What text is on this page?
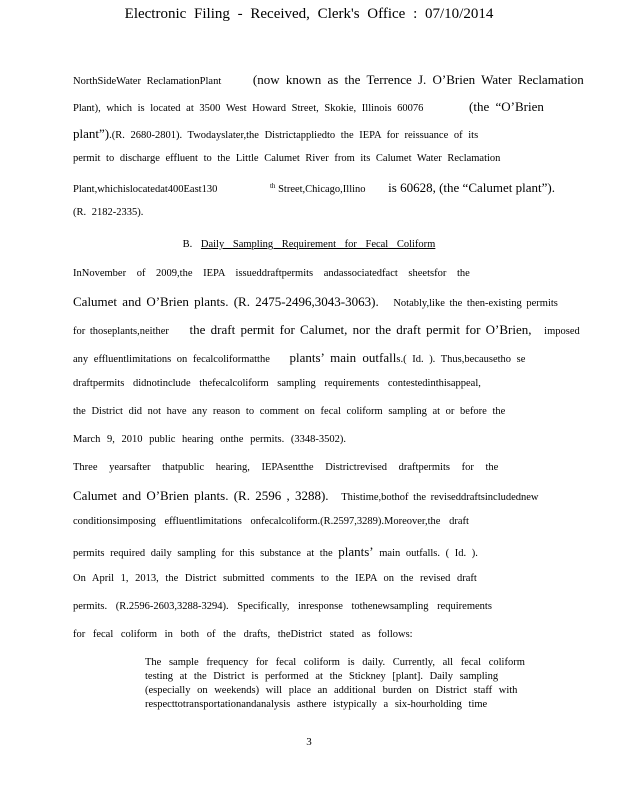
Electronic Filing - Received, Clerk's Office : 07/10/2014
NorthSideWater ReclamationPlant (now known as the Terrence J. O’Brien Water Reclamation
Plant), which is located at 3500 West Howard Street, Skokie, Illinois 60076	(the “O’Brien
plant”).(R. 2680-2801). Twodayslater,the Districtappliedto the IEPA for reissuance of its
permit to discharge effluent to the Little Calumet River from its Calumet Water Reclamation
Plant,whichislocatedat400East130	$^{th}$ Street,Chicago,Illino is 60628, (the “Calumet plant”).
(R. 2182-2335).
B. Daily Sampling Requirement for Fecal Coliform
InNovember of 2009,the IEPA issueddraftpermits andassociatedfact sheetsfor the
Calumet and O’Brien plants. (R. 2475-2496,3043-3063). Notably,like the then-existing permits
for thoseplants,neither the draft permit for Calumet, nor the draft permit for O’Brien, imposed
any effluentlimitations on fecalcoliformatthe plants’ main outfalls.( Id. ). Thus,becausetho se
draftpermits didnotinclude thefecalcoliform sampling requirements contestedinthisappeal,
the District did not have any reason to comment on fecal coliform sampling at or before the
March 9, 2010 public hearing onthe permits. (3348-3502).
Three yearsafter thatpublic hearing, IEPAsentthe Districtrevised draftpermits for the
Calumet and O’Brien plants. (R. 2596 , 3288). Thistime,bothof the reviseddraftsincludednew
conditionsimposing effluentlimitations onfecalcoliform.(R.2597,3289).Moreover,the draft
permits required daily sampling for this substance at the plants’ main outfalls. ( Id. ).
On April 1, 2013, the District submitted comments to the IEPA on the revised draft
permits. (R.2596-2603,3288-3294). Specifically, inresponse tothenewsampling requirements
for fecal coliform in both of the drafts, theDistrict stated as follows:
The sample frequency for fecal coliform is daily. Currently, all fecal coliform
testing at the District is performed at the Stickney [plant]. Daily sampling
(especially on weekends) will place an additional burden on District staff with
respecttotransportationandanalysis asthere istypically a six-hourholding time
3
